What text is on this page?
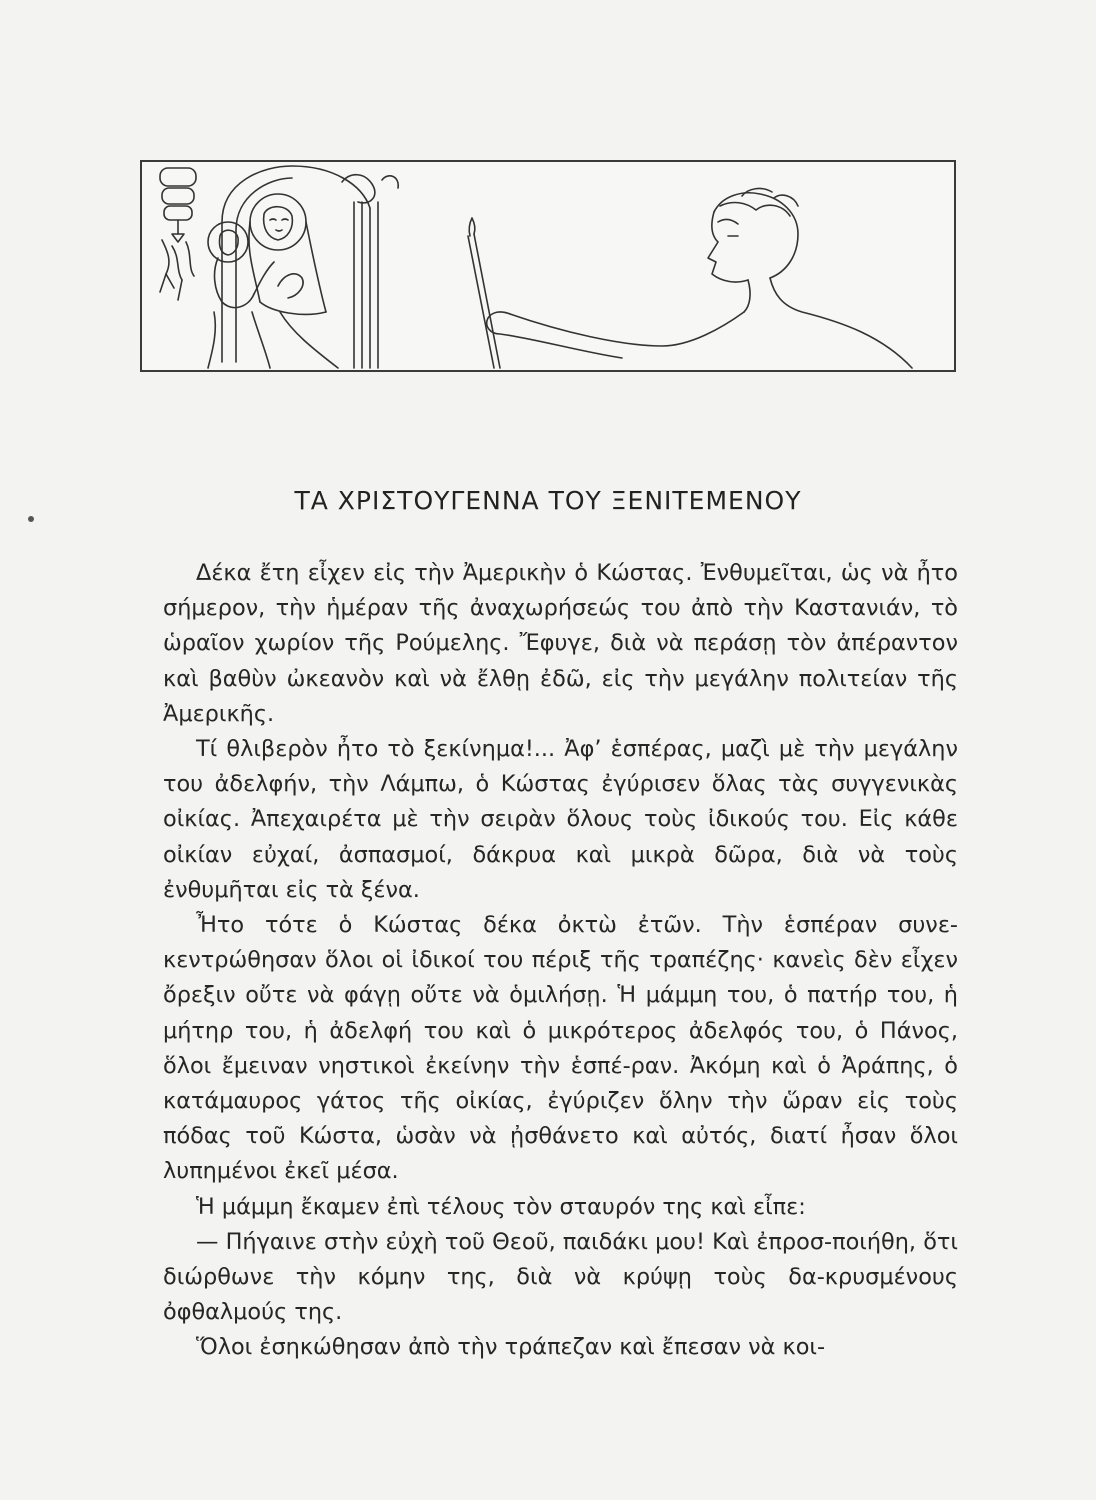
ΤΑ ΧΡΙΣΤΟΥΓΕΝΝΑ ΤΟΥ ΞΕΝΙΤΕΜΕΝΟΥ

Δέκα ἔτη εἶχεν εἰς τὴν Ἀμερικὴν ὁ Κώστας. Ἐνθυμεῖται, ὡς νὰ ἦτο σήμερον, τὴν ἡμέραν τῆς ἀναχωρήσεώς του ἀπὸ τὴν Καστανιάν, τὸ ὡραῖον χωρίον τῆς Ρούμελης. Ἔφυγε, διὰ νὰ περάσῃ τὸν ἀπέραντον καὶ βαθὺν ὠκεανὸν καὶ νὰ ἔλθῃ ἐδῶ, εἰς τὴν μεγάλην πολιτείαν τῆς Ἀμερικῆς.

Τί θλιβερὸν ἦτο τὸ ξεκίνημα!... Ἀφ’ ἑσπέρας, μαζὶ μὲ τὴν μεγάλην του ἀδελφήν, τὴν Λάμπω, ὁ Κώστας ἐγύρισεν ὅλας τὰς συγγενικὰς οἰκίας. Ἀπεχαιρέτα μὲ τὴν σειρὰν ὅλους τοὺς ἰδικούς του. Εἰς κάθε οἰκίαν εὐχαί, ἀσπασμοί, δάκρυα καὶ μικρὰ δῶρα, διὰ νὰ τοὺς ἐνθυμῆται εἰς τὰ ξένα.

Ἦτο τότε ὁ Κώστας δέκα ὀκτὼ ἐτῶν. Τὴν ἑσπέραν συνε-κεντρώθησαν ὅλοι οἱ ἰδικοί του πέριξ τῆς τραπέζης· κανεὶς δὲν εἶχεν ὄρεξιν οὔτε νὰ φάγῃ οὔτε νὰ ὁμιλήσῃ. Ἡ μάμμη του, ὁ πατήρ του, ἡ μήτηρ του, ἡ ἀδελφή του καὶ ὁ μικρότερος ἀδελφός του, ὁ Πάνος, ὅλοι ἔμειναν νηστικοὶ ἐκείνην τὴν ἑσπέ-ραν. Ἀκόμη καὶ ὁ Ἀράπης, ὁ κατάμαυρος γάτος τῆς οἰκίας, ἐγύριζεν ὅλην τὴν ὥραν εἰς τοὺς πόδας τοῦ Κώστα, ὡσὰν νὰ ᾐσθάνετο καὶ αὐτός, διατί ἦσαν ὅλοι λυπημένοι ἐκεῖ μέσα.

Ἡ μάμμη ἔκαμεν ἐπὶ τέλους τὸν σταυρόν της καὶ εἶπε:

— Πήγαινε στὴν εὐχὴ τοῦ Θεοῦ, παιδάκι μου! Καὶ ἐπροσ-ποιήθη, ὅτι διώρθωνε τὴν κόμην της, διὰ νὰ κρύψῃ τοὺς δα-κρυσμένους ὀφθαλμούς της.

Ὅλοι ἐσηκώθησαν ἀπὸ τὴν τράπεζαν καὶ ἔπεσαν νὰ κοι-
